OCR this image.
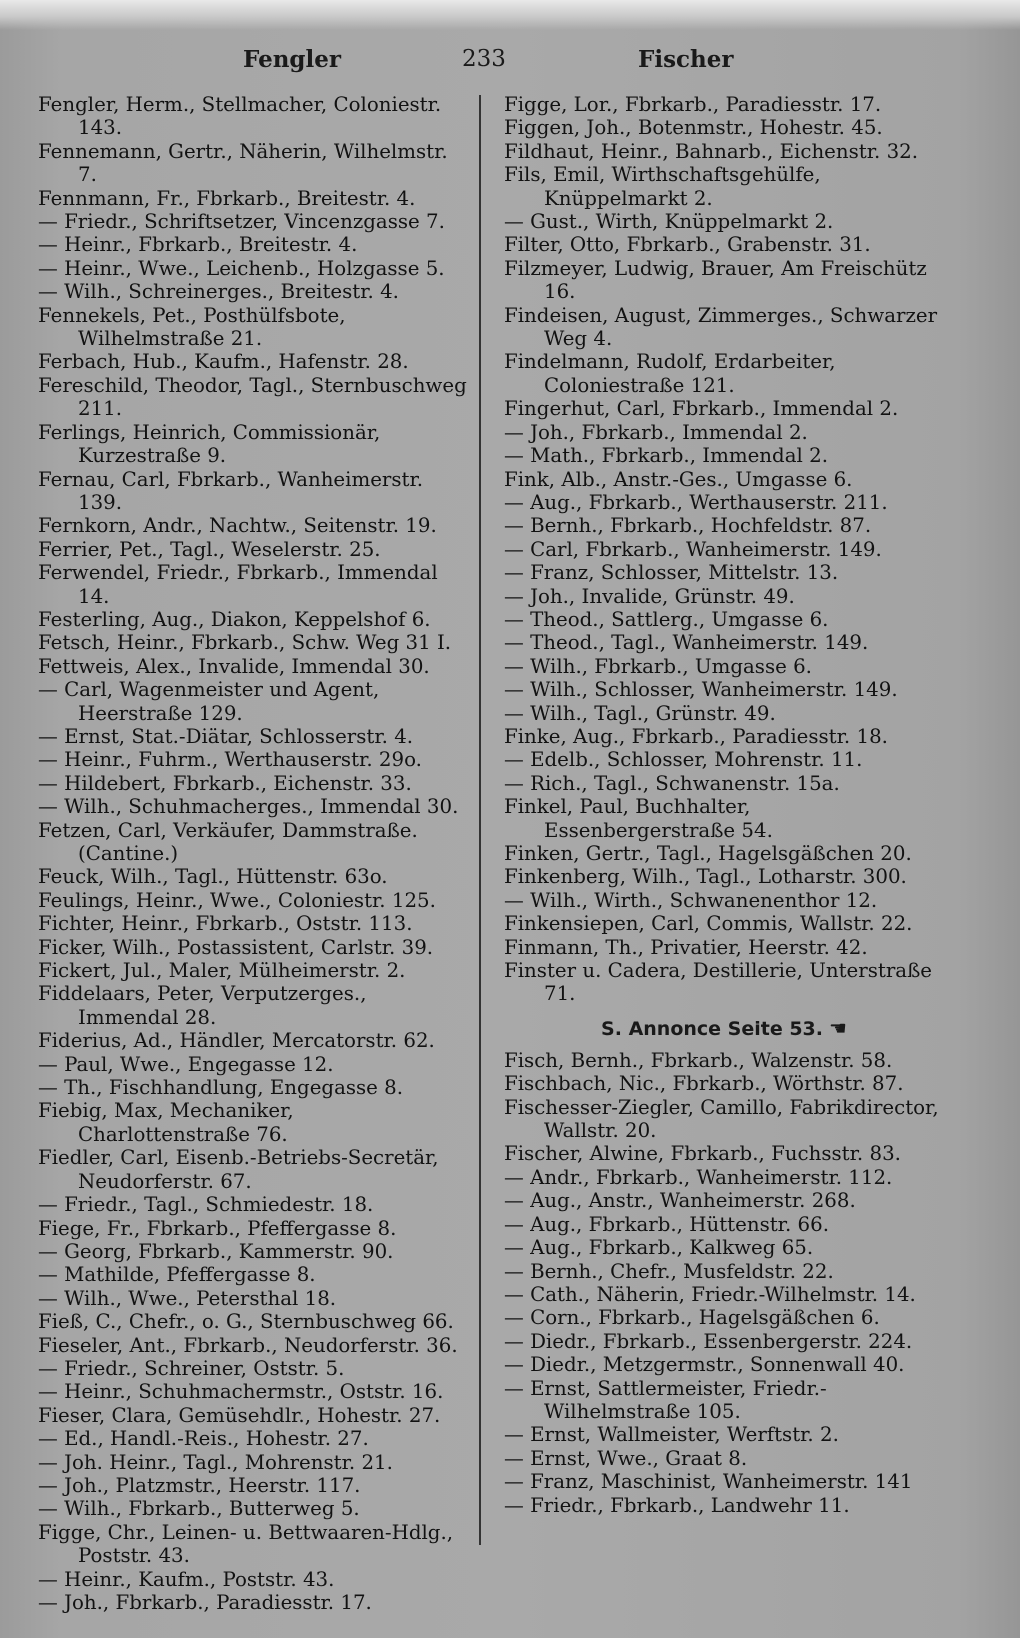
Fengler	233	Fischer

Fengler, Herm., Stellmacher, Coloniestr. 143.

Fennemann, Gertr., Näherin, Wilhelmstr. 7.

Fennmann, Fr., Fbrkarb., Breitestr. 4.

— Friedr., Schriftsetzer, Vincenzgasse 7.

— Heinr., Fbrkarb., Breitestr. 4.

— Heinr., Wwe., Leichenb., Holzgasse 5.

— Wilh., Schreinerges., Breitestr. 4.

Fennekels, Pet., Posthülfsbote, Wilhelmstraße 21.

Ferbach, Hub., Kaufm., Hafenstr. 28.

Fereschild, Theodor, Tagl., Sternbuschweg 211.

Ferlings, Heinrich, Commissionär, Kurzestraße 9.

Fernau, Carl, Fbrkarb., Wanheimerstr. 139.

Fernkorn, Andr., Nachtw., Seitenstr. 19.

Ferrier, Pet., Tagl., Weselerstr. 25.

Ferwendel, Friedr., Fbrkarb., Immendal 14.

Festerling, Aug., Diakon, Keppelshof 6.

Fetsch, Heinr., Fbrkarb., Schw. Weg 31 I.

Fettweis, Alex., Invalide, Immendal 30.

— Carl, Wagenmeister und Agent, Heerstraße 129.

— Ernst, Stat.-Diätar, Schlosserstr. 4.

— Heinr., Fuhrm., Werthauserstr. 29o.

— Hildebert, Fbrkarb., Eichenstr. 33.

— Wilh., Schuhmacherges., Immendal 30.

Fetzen, Carl, Verkäufer, Dammstraße. (Cantine.)

Feuck, Wilh., Tagl., Hüttenstr. 63o.

Feulings, Heinr., Wwe., Coloniestr. 125.

Fichter, Heinr., Fbrkarb., Oststr. 113.

Ficker, Wilh., Postassistent, Carlstr. 39.

Fickert, Jul., Maler, Mülheimerstr. 2.

Fiddelaars, Peter, Verputzerges., Immendal 28.

Fiderius, Ad., Händler, Mercatorstr. 62.

— Paul, Wwe., Engegasse 12.

— Th., Fischhandlung, Engegasse 8.

Fiebig, Max, Mechaniker, Charlottenstraße 76.

Fiedler, Carl, Eisenb.-Betriebs-Secretär, Neudorferstr. 67.

— Friedr., Tagl., Schmiedestr. 18.

Fiege, Fr., Fbrkarb., Pfeffergasse 8.

— Georg, Fbrkarb., Kammerstr. 90.

— Mathilde, Pfeffergasse 8.

— Wilh., Wwe., Petersthal 18.

Fieß, C., Chefr., o. G., Sternbuschweg 66.

Fieseler, Ant., Fbrkarb., Neudorferstr. 36.

— Friedr., Schreiner, Oststr. 5.

— Heinr., Schuhmachermstr., Oststr. 16.

Fieser, Clara, Gemüsehdlr., Hohestr. 27.

— Ed., Handl.-Reis., Hohestr. 27.

— Joh. Heinr., Tagl., Mohrenstr. 21.

— Joh., Platzmstr., Heerstr. 117.

— Wilh., Fbrkarb., Butterweg 5.

Figge, Chr., Leinen- u. Bettwaaren-Hdlg., Poststr. 43.

— Heinr., Kaufm., Poststr. 43.

— Joh., Fbrkarb., Paradiesstr. 17.

Figge, Lor., Fbrkarb., Paradiesstr. 17.

Figgen, Joh., Botenmstr., Hohestr. 45.

Fildhaut, Heinr., Bahnarb., Eichenstr. 32.

Fils, Emil, Wirthschaftsgehülfe, Knüppelmarkt 2.

— Gust., Wirth, Knüppelmarkt 2.

Filter, Otto, Fbrkarb., Grabenstr. 31.

Filzmeyer, Ludwig, Brauer, Am Freischütz 16.

Findeisen, August, Zimmerges., Schwarzer Weg 4.

Findelmann, Rudolf, Erdarbeiter, Coloniestraße 121.

Fingerhut, Carl, Fbrkarb., Immendal 2.

— Joh., Fbrkarb., Immendal 2.

— Math., Fbrkarb., Immendal 2.

Fink, Alb., Anstr.-Ges., Umgasse 6.

— Aug., Fbrkarb., Werthauserstr. 211.

— Bernh., Fbrkarb., Hochfeldstr. 87.

— Carl, Fbrkarb., Wanheimerstr. 149.

— Franz, Schlosser, Mittelstr. 13.

— Joh., Invalide, Grünstr. 49.

— Theod., Sattlerg., Umgasse 6.

— Theod., Tagl., Wanheimerstr. 149.

— Wilh., Fbrkarb., Umgasse 6.

— Wilh., Schlosser, Wanheimerstr. 149.

— Wilh., Tagl., Grünstr. 49.

Finke, Aug., Fbrkarb., Paradiesstr. 18.

— Edelb., Schlosser, Mohrenstr. 11.

— Rich., Tagl., Schwanenstr. 15a.

Finkel, Paul, Buchhalter, Essenbergerstraße 54.

Finken, Gertr., Tagl., Hagelsgäßchen 20.

Finkenberg, Wilh., Tagl., Lotharstr. 300.

— Wilh., Wirth., Schwanenenthor 12.

Finkensiepen, Carl, Commis, Wallstr. 22.

Finmann, Th., Privatier, Heerstr. 42.

Finster u. Cadera, Destillerie, Unterstraße 71.

S. Annonce Seite 53. ☚

Fisch, Bernh., Fbrkarb., Walzenstr. 58.

Fischbach, Nic., Fbrkarb., Wörthstr. 87.

Fischesser-Ziegler, Camillo, Fabrikdirector, Wallstr. 20.

Fischer, Alwine, Fbrkarb., Fuchsstr. 83.

— Andr., Fbrkarb., Wanheimerstr. 112.

— Aug., Anstr., Wanheimerstr. 268.

— Aug., Fbrkarb., Hüttenstr. 66.

— Aug., Fbrkarb., Kalkweg 65.

— Bernh., Chefr., Musfeldstr. 22.

— Cath., Näherin, Friedr.-Wilhelmstr. 14.

— Corn., Fbrkarb., Hagelsgäßchen 6.

— Diedr., Fbrkarb., Essenbergerstr. 224.

— Diedr., Metzgermstr., Sonnenwall 40.

— Ernst, Sattlermeister, Friedr.-Wilhelmstraße 105.

— Ernst, Wallmeister, Werftstr. 2.

— Ernst, Wwe., Graat 8.

— Franz, Maschinist, Wanheimerstr. 141

— Friedr., Fbrkarb., Landwehr 11.
